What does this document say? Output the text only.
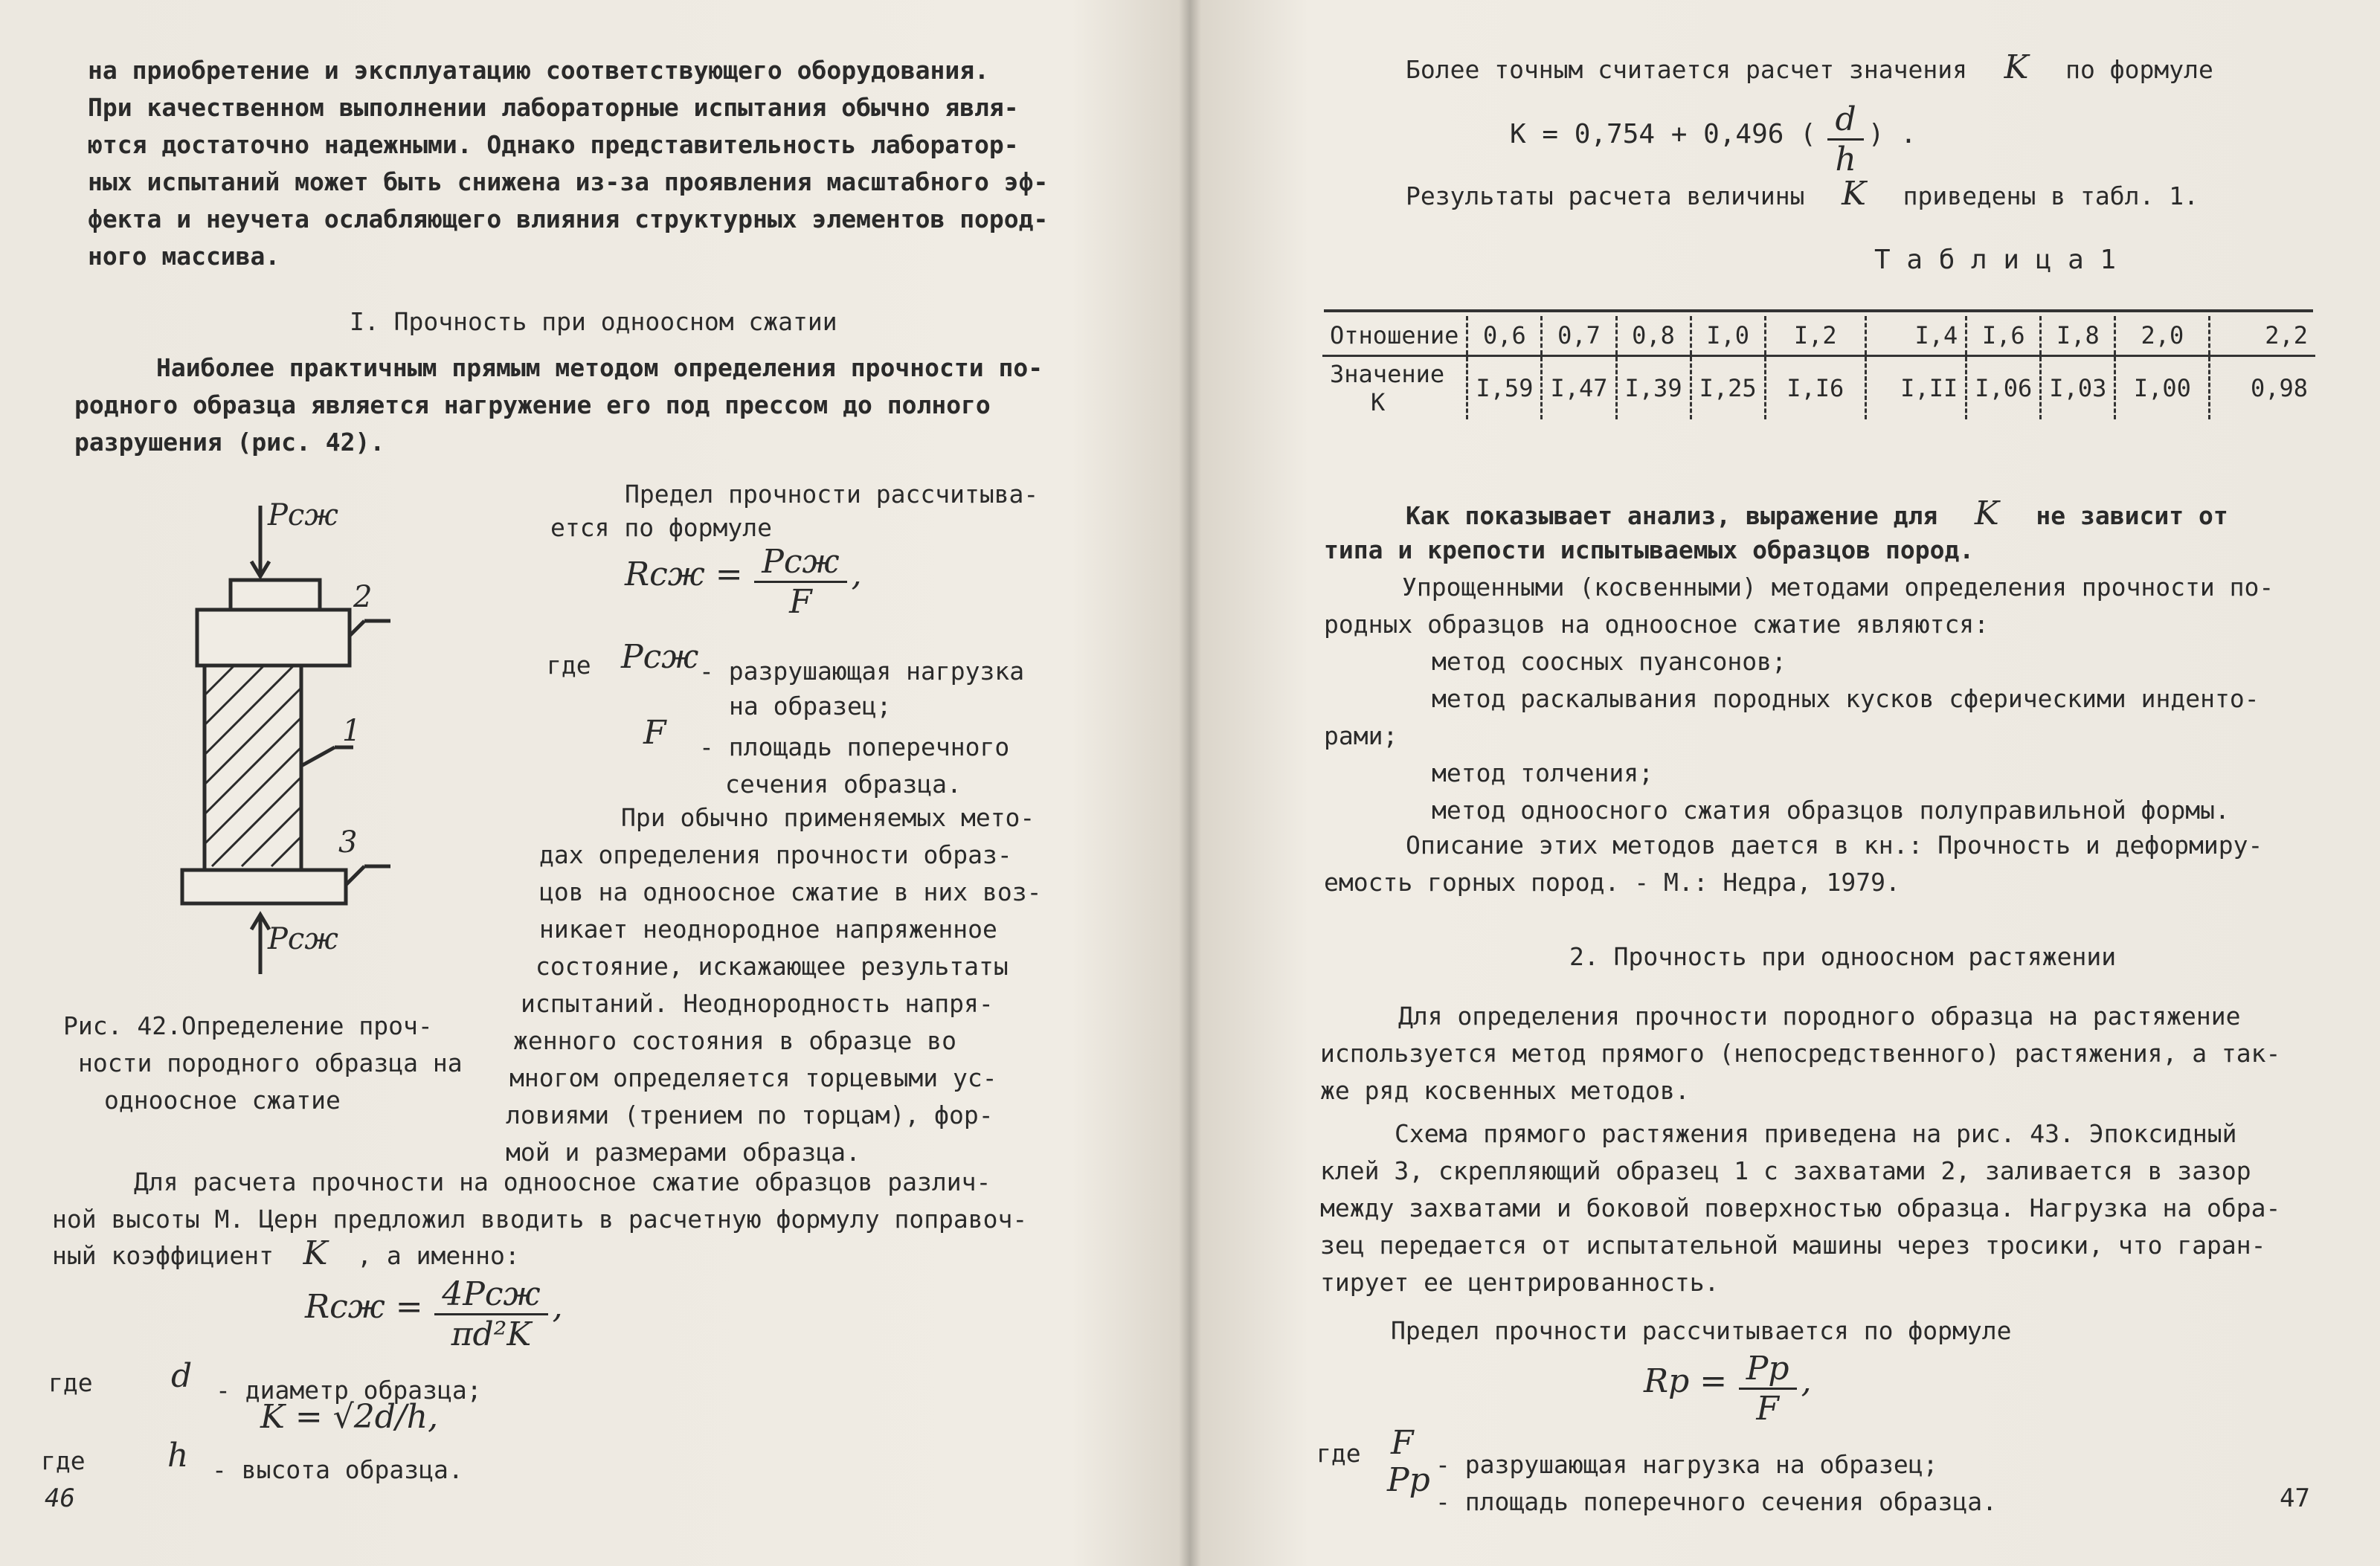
на приобретение и эксплуатацию соответствующего оборудования.
При качественном выполнении лабораторные испытания обычно явля-
ются достаточно надежными. Однако представительность лаборатор-
ных испытаний может быть снижена из-за проявления масштабного эф-
фекта и неучета ослабляющего влияния структурных элементов пород-
ного массива.
I. Прочность при одноосном сжатии
Наиболее практичным прямым методом определения прочности по-
родного образца является нагружение его под прессом до полного
разрушения (рис. 42).
Pсж
Pсж
2
1
3
Рис. 42.Определение проч-
ности породного образца на
одноосное сжатие
Предел прочности рассчитыва-
ется по формуле
Rсж = $\frac{\text{Pсж}}{F}$ ,
где Pсж - разрушающая нагрузка
на образец;
F - площадь поперечного
сечения образца.
При обычно применяемых мето-
дах определения прочности образ-
цов на одноосное сжатие в них воз-
никает неоднородное напряженное
состояние, искажающее результаты
испытаний. Неоднородность напря-
женного состояния в образце во
многом определяется торцевыми ус-
ловиями (трением по торцам), фор-
мой и размерами образца.
Для расчета прочности на одноосное сжатие образцов различ-
ной высоты М. Церн предложил вводить в расчетную формулу поправоч-
ный коэффициент K , а именно:
Rсж = $\frac{\text{4Pсж}}{\text{πd²K}}$ ,
где d - диаметр образца;
K = √2d/h,
где	h - высота образца.
46
Более точным считается расчет значения K по формуле
K = 0,754 + 0,496 ( $\frac{d}{h}$ ) .
Результаты расчета величины K приведены в табл. 1.
Т а б л и ц а 1
Отношение	0,6	0,7	0,8	I,0	I,2	I,4	I,6	I,8	2,0	2,2
Значение
K	I,59	I,47	I,39	I,25	I,I6	I,II	I,06	I,03	I,00	0,98
Как показывает анализ, выражение для K не зависит от
типа и крепости испытываемых образцов пород.
Упрощенными (косвенными) методами определения прочности по-
родных образцов на одноосное сжатие являются:
метод соосных пуансонов;
метод раскалывания породных кусков сферическими инденто-
рами;
метод толчения;
метод одноосного сжатия образцов полуправильной формы.
Описание этих методов дается в кн.: Прочность и деформиру-
емость горных пород. - М.: Недра, 1979.
2. Прочность при одноосном растяжении
Для определения прочности породного образца на растяжение
используется метод прямого (непосредственного) растяжения, а так-
же ряд косвенных методов.
Схема прямого растяжения приведена на рис. 43. Эпоксидный
клей 3, скрепляющий образец 1 с захватами 2, заливается в зазор
между захватами и боковой поверхностью образца. Нагрузка на обра-
зец передается от испытательной машины через тросики, что гаран-
тирует ее центрированность.
Предел прочности рассчитывается по формуле
Rр = $\frac{Pр}{F}$ ,
где F
- разрушающая нагрузка на образец;
Pр
- площадь поперечного сечения образца.	47
